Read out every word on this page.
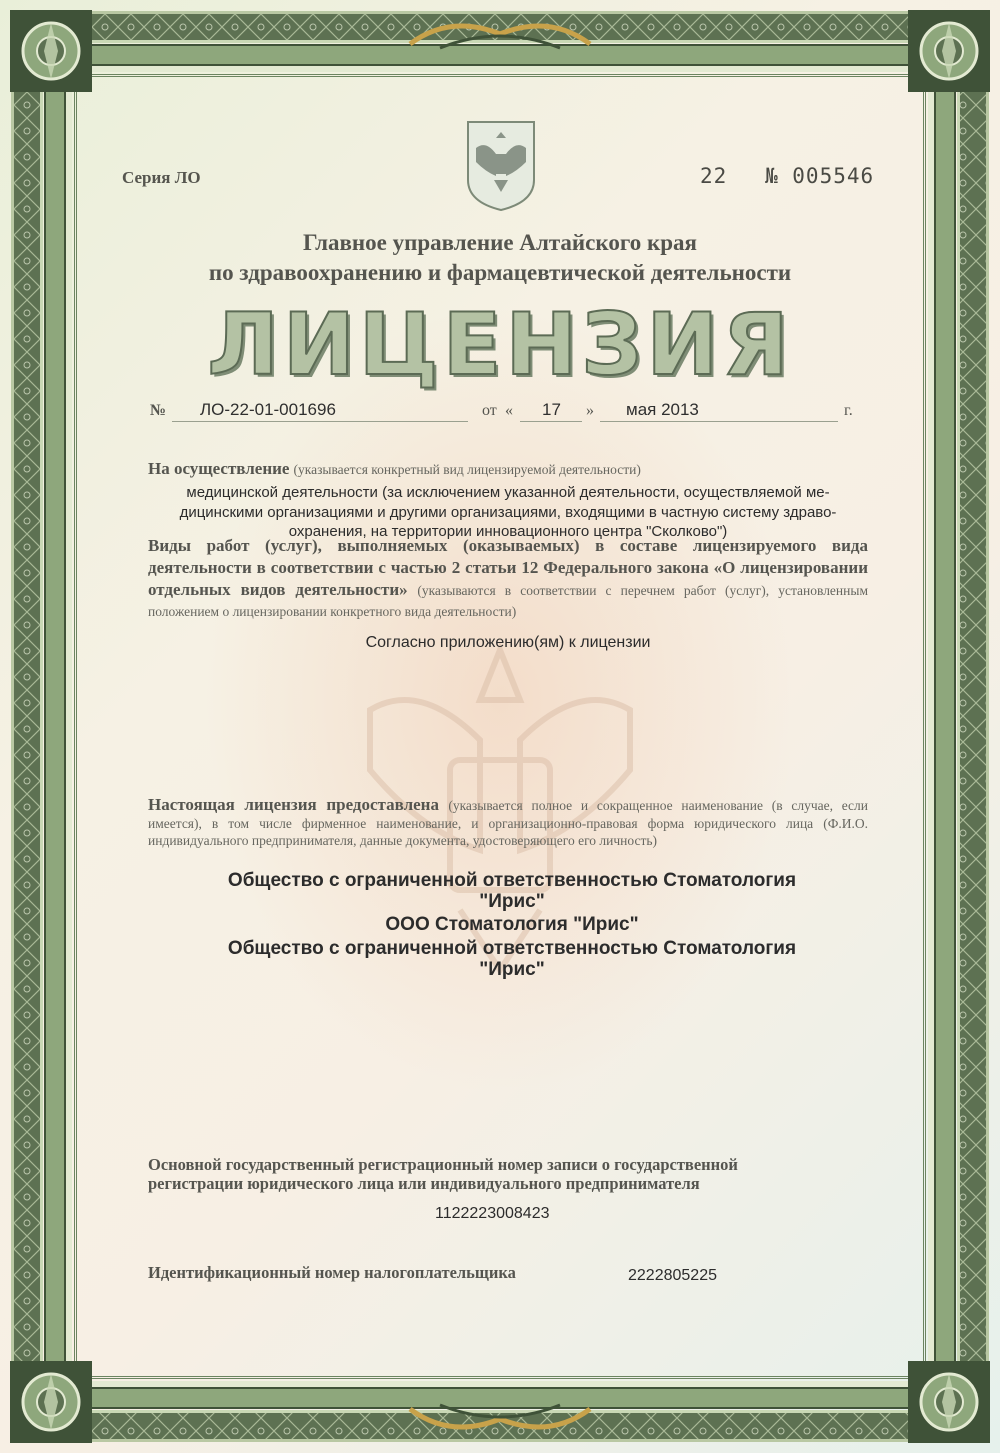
Серия ЛО	22 № 005546
Главное управление Алтайского края
по здравоохранению и фармацевтической деятельности
ЛИЦЕНЗИЯ
№ ЛО-22-01-001696	от « 17 » мая 2013	г.
На осуществление (указывается конкретный вид лицензируемой деятельности)
медицинской деятельности (за исключением указанной деятельности, осуществляемой ме-
дицинскими организациями и другими организациями, входящими в частную систему здраво-
охранения, на территории инновационного центра "Сколково")
Виды работ (услуг), выполняемых (оказываемых) в составе лицензируемого вида деятельности в соответствии с частью 2 статьи 12 Федерального закона «О лицензировании отдельных видов деятельности» (указываются в соответствии с перечнем работ (услуг), установленным положением о лицензировании конкретного вида деятельности)
Согласно приложению(ям) к лицензии
Настоящая лицензия предоставлена (указывается полное и сокращенное наименование (в случае, если имеется), в том числе фирменное наименование, и организационно-правовая форма юридического лица (Ф.И.О. индивидуального предпринимателя, данные документа, удостоверяющего его личность)
Общество с ограниченной ответственностью Стоматология
"Ирис"
ООО Стоматология "Ирис"
Общество с ограниченной ответственностью Стоматология
"Ирис"
Основной государственный регистрационный номер записи о государственной
регистрации юридического лица или индивидуального предпринимателя
1122223008423
Идентификационный номер налогоплательщика	2222805225
